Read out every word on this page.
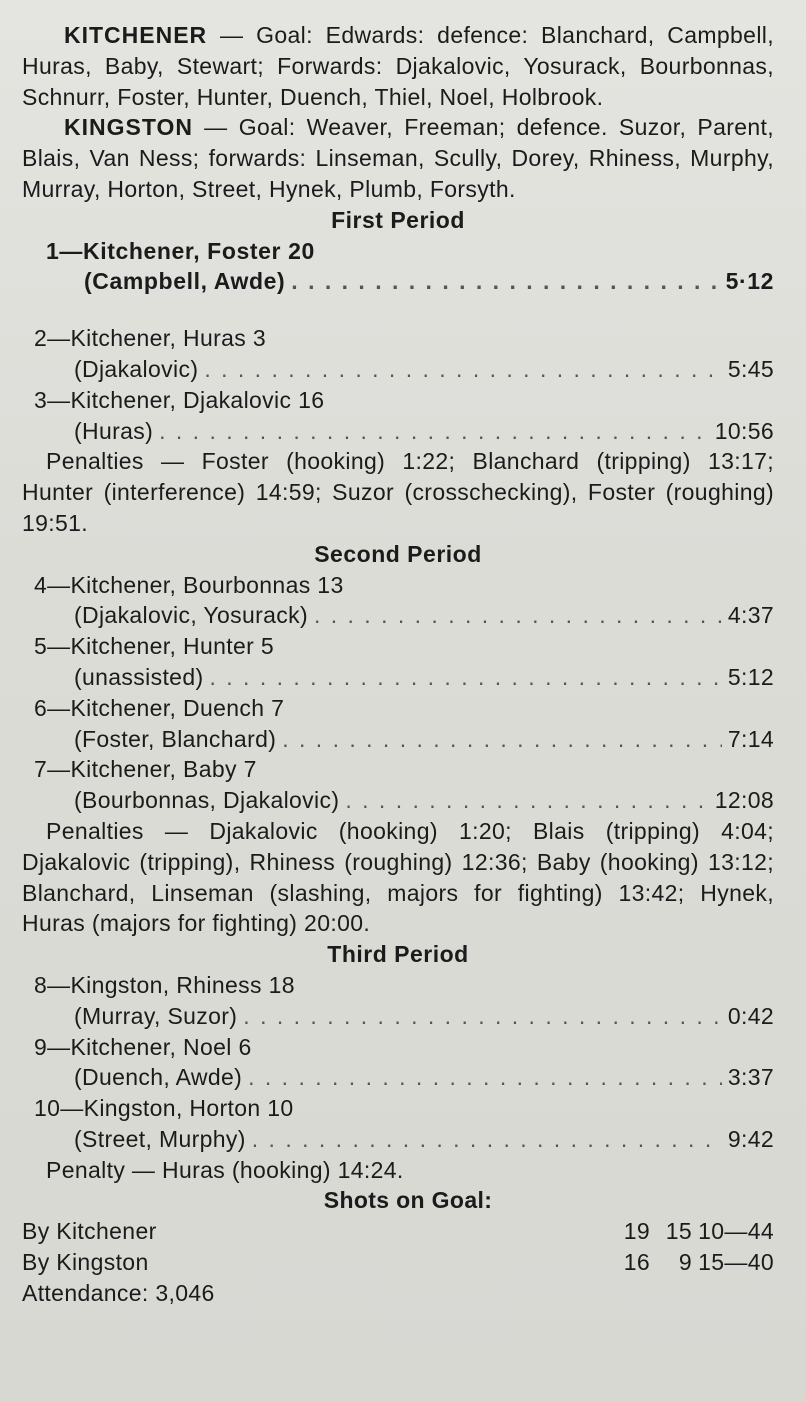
KITCHENER — Goal: Edwards: defence: Blanchard, Campbell, Huras, Baby, Stewart; Forwards: Djakalovic, Yosurack, Bourbonnas, Schnurr, Foster, Hunter, Duench, Thiel, Noel, Holbrook.

KINGSTON — Goal: Weaver, Freeman; defence. Suzor, Parent, Blais, Van Ness; forwards: Linseman, Scully, Dorey, Rhiness, Murphy, Murray, Horton, Street, Hynek, Plumb, Forsyth.

First Period
1—Kitchener, Foster 20
(Campbell, Awde) . . .	5·12
2—Kitchener, Huras 3
(Djakalovic) . . .	5:45
3—Kitchener, Djakalovic 16
(Huras) . . .	10:56

Penalties — Foster (hooking) 1:22; Blanchard (tripping) 13:17; Hunter (interference) 14:59; Suzor (crosschecking), Foster (roughing) 19:51.

Second Period
4—Kitchener, Bourbonnas 13
(Djakalovic, Yosurack) . . .	4:37
5—Kitchener, Hunter 5
(unassisted) . . .	5:12
6—Kitchener, Duench 7
(Foster, Blanchard) . . .	7:14
7—Kitchener, Baby 7
(Bourbonnas, Djakalovic) . . .	12:08

Penalties — Djakalovic (hooking) 1:20; Blais (tripping) 4:04; Djakalovic (tripping), Rhiness (roughing) 12:36; Baby (hooking) 13:12; Blanchard, Linseman (slashing, majors for fighting) 13:42; Hynek, Huras (majors for fighting) 20:00.

Third Period
8—Kingston, Rhiness 18
(Murray, Suzor) . . .	0:42
9—Kitchener, Noel 6
(Duench, Awde) . . .	3:37
10—Kingston, Horton 10
(Street, Murphy) . . .	9:42

Penalty — Huras (hooking) 14:24.

Shots on Goal:
By Kitchener	19 15 10—44
By Kingston	16	9 15—40
Attendance: 3,046
